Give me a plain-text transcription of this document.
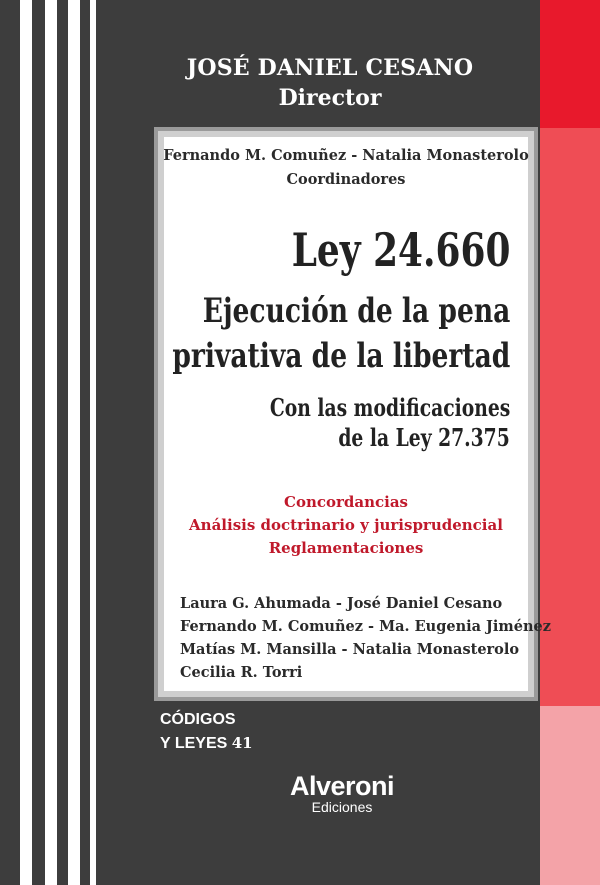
JOSÉ DANIEL CESANO
Director
Fernando M. Comuñez - Natalia Monasterolo
Coordinadores
Ley 24.660
Ejecución de la pena
privativa de la libertad
Con las modificaciones
de la Ley 27.375
Concordancias
Análisis doctrinario y jurisprudencial
Reglamentaciones
Laura G. Ahumada - José Daniel Cesano
Fernando M. Comuñez - Ma. Eugenia Jiménez
Matías M. Mansilla - Natalia Monasterolo
Cecilia R. Torri
CÓDIGOS
Y LEYES 41
Alveroni
Ediciones
